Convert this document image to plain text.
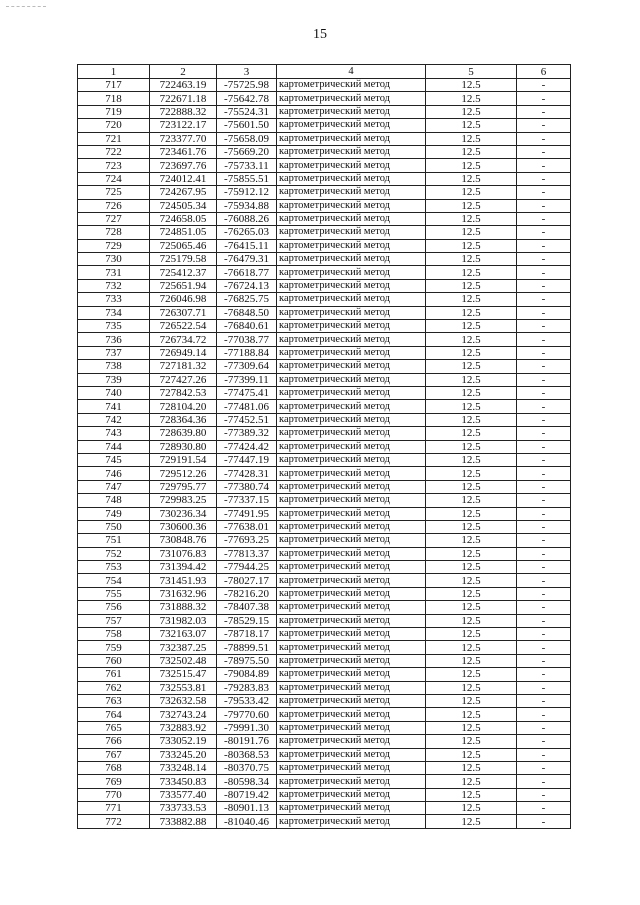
15
1	2	3	4	5	6
717	722463.19	-75725.98	картометрический метод	12.5	-
718	722671.18	-75642.78	картометрический метод	12.5	-
719	722888.32	-75524.31	картометрический метод	12.5	-
720	723122.17	-75601.50	картометрический метод	12.5	-
721	723377.70	-75658.09	картометрический метод	12.5	-
722	723461.76	-75669.20	картометрический метод	12.5	-
723	723697.76	-75733.11	картометрический метод	12.5	-
724	724012.41	-75855.51	картометрический метод	12.5	-
725	724267.95	-75912.12	картометрический метод	12.5	-
726	724505.34	-75934.88	картометрический метод	12.5	-
727	724658.05	-76088.26	картометрический метод	12.5	-
728	724851.05	-76265.03	картометрический метод	12.5	-
729	725065.46	-76415.11	картометрический метод	12.5	-
730	725179.58	-76479.31	картометрический метод	12.5	-
731	725412.37	-76618.77	картометрический метод	12.5	-
732	725651.94	-76724.13	картометрический метод	12.5	-
733	726046.98	-76825.75	картометрический метод	12.5	-
734	726307.71	-76848.50	картометрический метод	12.5	-
735	726522.54	-76840.61	картометрический метод	12.5	-
736	726734.72	-77038.77	картометрический метод	12.5	-
737	726949.14	-77188.84	картометрический метод	12.5	-
738	727181.32	-77309.64	картометрический метод	12.5	-
739	727427.26	-77399.11	картометрический метод	12.5	-
740	727842.53	-77475.41	картометрический метод	12.5	-
741	728104.20	-77481.06	картометрический метод	12.5	-
742	728364.36	-77452.51	картометрический метод	12.5	-
743	728639.80	-77389.32	картометрический метод	12.5	-
744	728930.80	-77424.42	картометрический метод	12.5	-
745	729191.54	-77447.19	картометрический метод	12.5	-
746	729512.26	-77428.31	картометрический метод	12.5	-
747	729795.77	-77380.74	картометрический метод	12.5	-
748	729983.25	-77337.15	картометрический метод	12.5	-
749	730236.34	-77491.95	картометрический метод	12.5	-
750	730600.36	-77638.01	картометрический метод	12.5	-
751	730848.76	-77693.25	картометрический метод	12.5	-
752	731076.83	-77813.37	картометрический метод	12.5	-
753	731394.42	-77944.25	картометрический метод	12.5	-
754	731451.93	-78027.17	картометрический метод	12.5	-
755	731632.96	-78216.20	картометрический метод	12.5	-
756	731888.32	-78407.38	картометрический метод	12.5	-
757	731982.03	-78529.15	картометрический метод	12.5	-
758	732163.07	-78718.17	картометрический метод	12.5	-
759	732387.25	-78899.51	картометрический метод	12.5	-
760	732502.48	-78975.50	картометрический метод	12.5	-
761	732515.47	-79084.89	картометрический метод	12.5	-
762	732553.81	-79283.83	картометрический метод	12.5	-
763	732632.58	-79533.42	картометрический метод	12.5	-
764	732743.24	-79770.60	картометрический метод	12.5	-
765	732883.92	-79991.30	картометрический метод	12.5	-
766	733052.19	-80191.76	картометрический метод	12.5	-
767	733245.20	-80368.53	картометрический метод	12.5	-
768	733248.14	-80370.75	картометрический метод	12.5	-
769	733450.83	-80598.34	картометрический метод	12.5	-
770	733577.40	-80719.42	картометрический метод	12.5	-
771	733733.53	-80901.13	картометрический метод	12.5	-
772	733882.88	-81040.46	картометрический метод	12.5	-
